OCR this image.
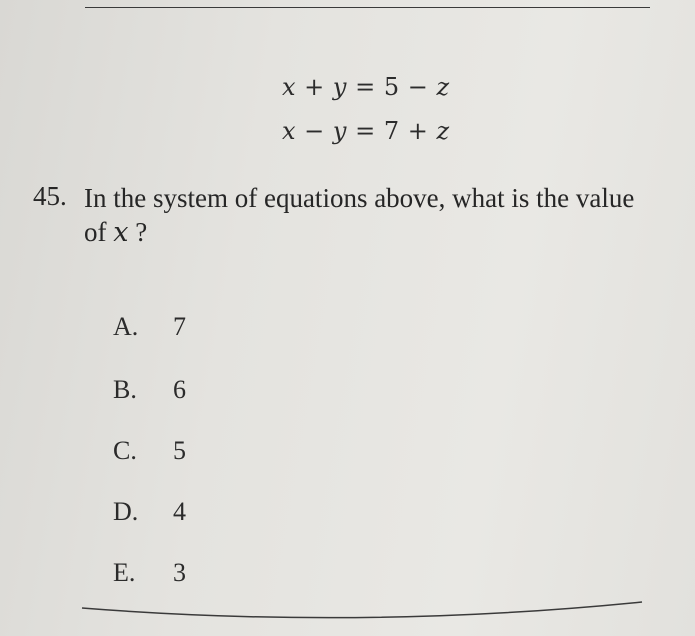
x + y = 5 − z
x − y = 7 + z
45. In the system of equations above, what is the value of x ?
A. 7
B. 6
C. 5
D. 4
E. 3
